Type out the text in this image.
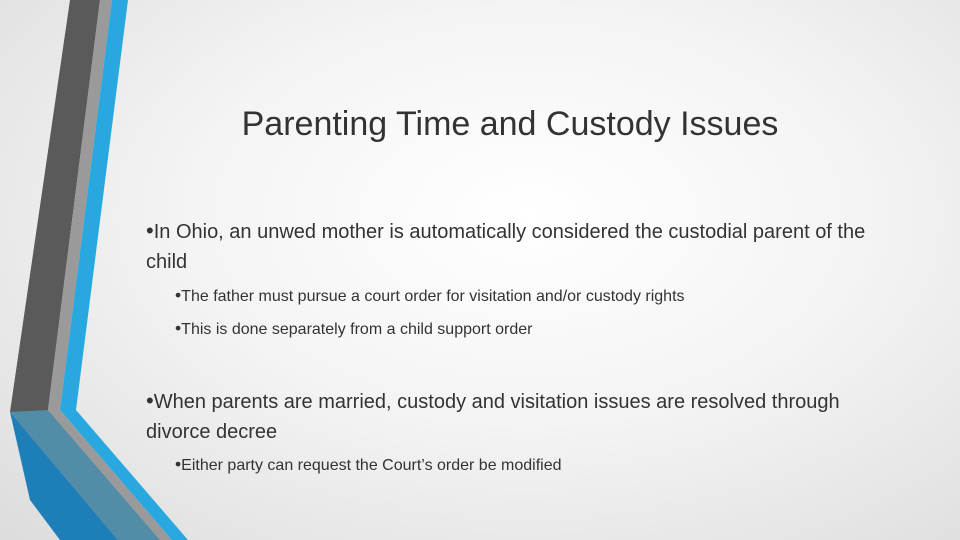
Parenting Time and Custody Issues

•In Ohio, an unwed mother is automatically considered the custodial parent of the child

•The father must pursue a court order for visitation and/or custody rights

•This is done separately from a child support order

•When parents are married, custody and visitation issues are resolved through divorce decree

•Either party can request the Court’s order be modified
